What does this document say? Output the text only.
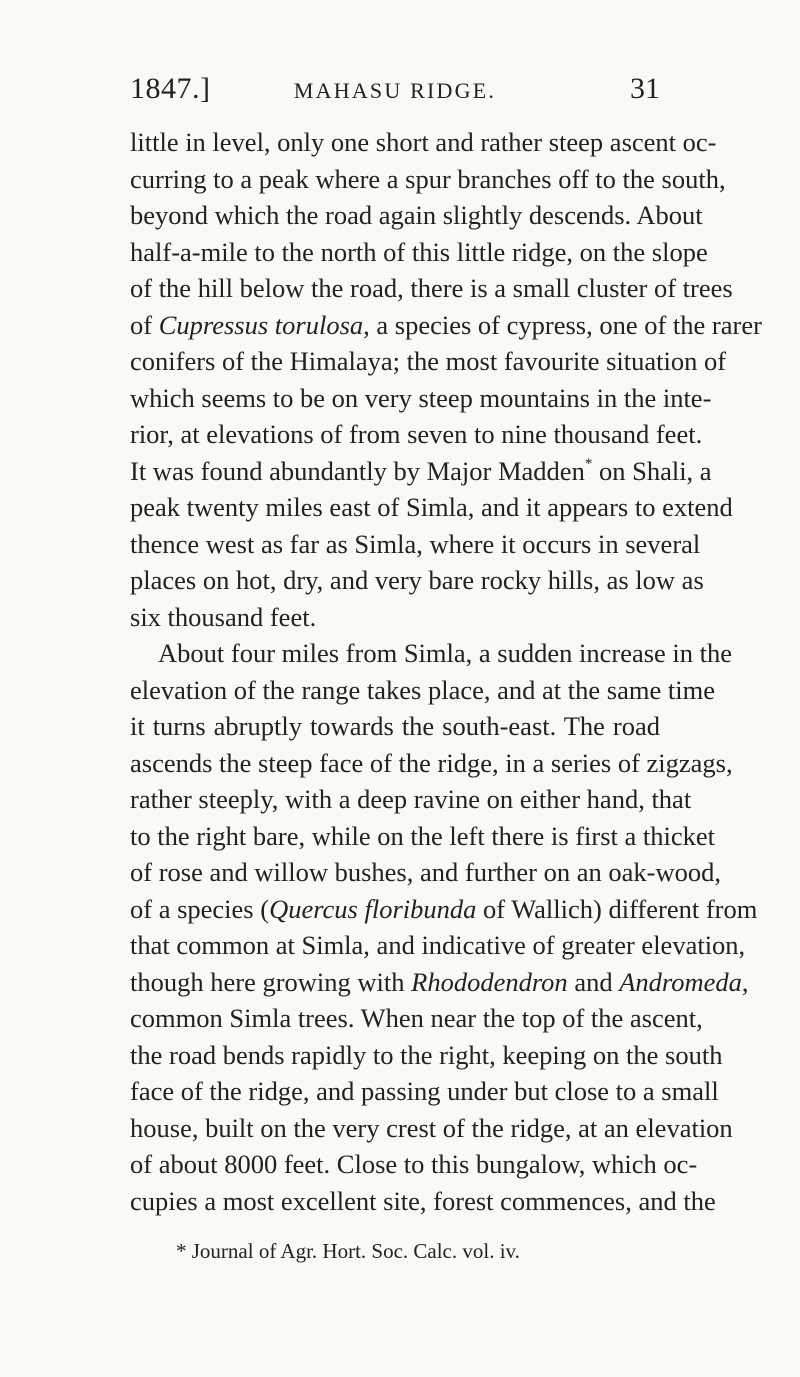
1847.]	MAHASU RIDGE.	31
little in level, only one short and rather steep ascent oc-
curring to a peak where a spur branches off to the south,
beyond which the road again slightly descends. About
half-a-mile to the north of this little ridge, on the slope
of the hill below the road, there is a small cluster of trees
of Cupressus torulosa, a species of cypress, one of the rarer
conifers of the Himalaya; the most favourite situation of
which seems to be on very steep mountains in the inte-
rior, at elevations of from seven to nine thousand feet.
It was found abundantly by Major Madden* on Shali, a
peak twenty miles east of Simla, and it appears to extend
thence west as far as Simla, where it occurs in several
places on hot, dry, and very bare rocky hills, as low as
six thousand feet.
About four miles from Simla, a sudden increase in the
elevation of the range takes place, and at the same time
it turns abruptly towards the south-east. The road
ascends the steep face of the ridge, in a series of zigzags,
rather steeply, with a deep ravine on either hand, that
to the right bare, while on the left there is first a thicket
of rose and willow bushes, and further on an oak-wood,
of a species (Quercus floribunda of Wallich) different from
that common at Simla, and indicative of greater elevation,
though here growing with Rhododendron and Andromeda,
common Simla trees. When near the top of the ascent,
the road bends rapidly to the right, keeping on the south
face of the ridge, and passing under but close to a small
house, built on the very crest of the ridge, at an elevation
of about 8000 feet. Close to this bungalow, which oc-
cupies a most excellent site, forest commences, and the
* Journal of Agr. Hort. Soc. Calc. vol. iv.
